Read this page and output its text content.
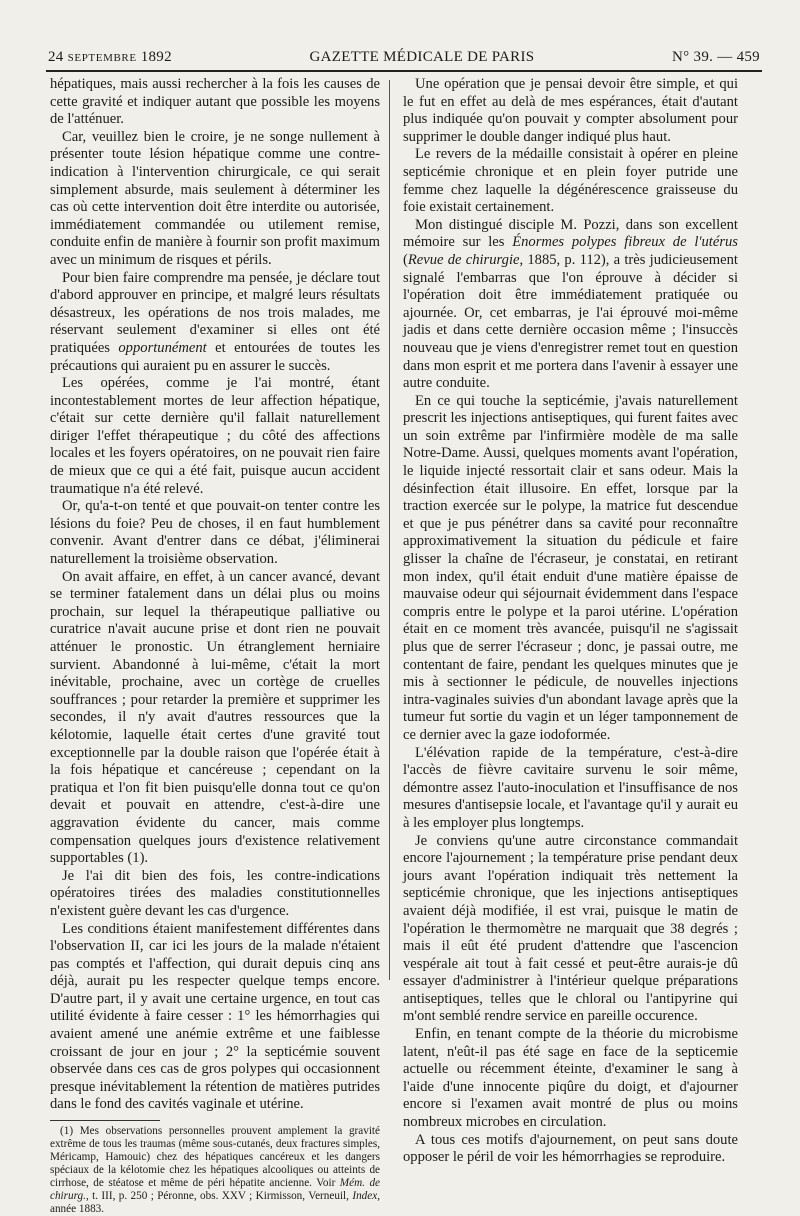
24 SEPTEMBRE 1892	GAZETTE MÉDICALE DE PARIS	N° 39. — 459

hépatiques, mais aussi rechercher à la fois les causes de cette gravité et indiquer autant que possible les moyens de l'atténuer.

Car, veuillez bien le croire, je ne songe nullement à présenter toute lésion hépatique comme une contre-indication à l'intervention chirurgicale, ce qui serait simplement absurde, mais seulement à déterminer les cas où cette intervention doit être interdite ou autorisée, immédiatement commandée ou utilement remise, conduite enfin de manière à fournir son profit maximum avec un minimum de risques et périls.

Pour bien faire comprendre ma pensée, je déclare tout d'abord approuver en principe, et malgré leurs résultats désastreux, les opérations de nos trois malades, me réservant seulement d'examiner si elles ont été pratiquées opportunément et entourées de toutes les précautions qui auraient pu en assurer le succès.

Les opérées, comme je l'ai montré, étant incontestablement mortes de leur affection hépatique, c'était sur cette dernière qu'il fallait naturellement diriger l'effet thérapeutique ; du côté des affections locales et les foyers opératoires, on ne pouvait rien faire de mieux que ce qui a été fait, puisque aucun accident traumatique n'a été relevé.

Or, qu'a-t-on tenté et que pouvait-on tenter contre les lésions du foie? Peu de choses, il en faut humblement convenir. Avant d'entrer dans ce débat, j'éliminerai naturellement la troisième observation.

On avait affaire, en effet, à un cancer avancé, devant se terminer fatalement dans un délai plus ou moins prochain, sur lequel la thérapeutique palliative ou curatrice n'avait aucune prise et dont rien ne pouvait atténuer le pronostic. Un étranglement herniaire survient. Abandonné à lui-même, c'était la mort inévitable, prochaine, avec un cortège de cruelles souffrances ; pour retarder la première et supprimer les secondes, il n'y avait d'autres ressources que la kélotomie, laquelle était certes d'une gravité tout exceptionnelle par la double raison que l'opérée était à la fois hépatique et cancéreuse ; cependant on la pratiqua et l'on fit bien puisqu'elle donna tout ce qu'on devait et pouvait en attendre, c'est-à-dire une aggravation évidente du cancer, mais comme compensation quelques jours d'existence relativement supportables (1).

Je l'ai dit bien des fois, les contre-indications opératoires tirées des maladies constitutionnelles n'existent guère devant les cas d'urgence.

Les conditions étaient manifestement différentes dans l'observation II, car ici les jours de la malade n'étaient pas comptés et l'affection, qui durait depuis cinq ans déjà, aurait pu les respecter quelque temps encore. D'autre part, il y avait une certaine urgence, en tout cas utilité évidente à faire cesser : 1° les hémorrhagies qui avaient amené une anémie extrême et une faiblesse croissant de jour en jour ; 2° la septicémie souvent observée dans ces cas de gros polypes qui occasionnent presque inévitablement la rétention de matières putrides dans le fond des cavités vaginale et utérine.

(1) Mes observations personnelles prouvent amplement la gravité extrême de tous les traumas (même sous-cutanés, deux fractures simples, Méricamp, Hamouic) chez des hépatiques cancéreux et les dangers spéciaux de la kélotomie chez les hépatiques alcooliques ou atteints de cirrhose, de stéatose et même de péri hépatite ancienne. Voir Mém. de chirurg., t. III, p. 250 ; Péronne, obs. XXV ; Kirmisson, Verneuil, Index, année 1883.

Une opération que je pensai devoir être simple, et qui le fut en effet au delà de mes espérances, était d'autant plus indiquée qu'on pouvait y compter absolument pour supprimer le double danger indiqué plus haut.

Le revers de la médaille consistait à opérer en pleine septicémie chronique et en plein foyer putride une femme chez laquelle la dégénérescence graisseuse du foie existait certainement.

Mon distingué disciple M. Pozzi, dans son excellent mémoire sur les Énormes polypes fibreux de l'utérus (Revue de chirurgie, 1885, p. 112), a très judicieusement signalé l'embarras que l'on éprouve à décider si l'opération doit être immédiatement pratiquée ou ajournée. Or, cet embarras, je l'ai éprouvé moi-même jadis et dans cette dernière occasion même ; l'insuccès nouveau que je viens d'enregistrer remet tout en question dans mon esprit et me portera dans l'avenir à essayer une autre conduite.

En ce qui touche la septicémie, j'avais naturellement prescrit les injections antiseptiques, qui furent faites avec un soin extrême par l'infirmière modèle de ma salle Notre-Dame. Aussi, quelques moments avant l'opération, le liquide injecté ressortait clair et sans odeur. Mais la désinfection était illusoire. En effet, lorsque par la traction exercée sur le polype, la matrice fut descendue et que je pus pénétrer dans sa cavité pour reconnaître approximativement la situation du pédicule et faire glisser la chaîne de l'écraseur, je constatai, en retirant mon index, qu'il était enduit d'une matière épaisse de mauvaise odeur qui séjournait évidemment dans l'espace compris entre le polype et la paroi utérine. L'opération était en ce moment très avancée, puisqu'il ne s'agissait plus que de serrer l'écraseur ; donc, je passai outre, me contentant de faire, pendant les quelques minutes que je mis à sectionner le pédicule, de nouvelles injections intra-vaginales suivies d'un abondant lavage après que la tumeur fut sortie du vagin et un léger tamponnement de ce dernier avec la gaze iodoformée.

L'élévation rapide de la température, c'est-à-dire l'accès de fièvre cavitaire survenu le soir même, démontre assez l'auto-inoculation et l'insuffisance de nos mesures d'antisepsie locale, et l'avantage qu'il y aurait eu à les employer plus longtemps.

Je conviens qu'une autre circonstance commandait encore l'ajournement ; la température prise pendant deux jours avant l'opération indiquait très nettement la septicémie chronique, que les injections antiseptiques avaient déjà modifiée, il est vrai, puisque le matin de l'opération le thermomètre ne marquait que 38 degrés ; mais il eût été prudent d'attendre que l'ascencion vespérale ait tout à fait cessé et peut-être aurais-je dû essayer d'administrer à l'intérieur quelque préparations antiseptiques, telles que le chloral ou l'antipyrine qui m'ont semblé rendre service en pareille occurence.

Enfin, en tenant compte de la théorie du microbisme latent, n'eût-il pas été sage en face de la septicemie actuelle ou récemment éteinte, d'examiner le sang à l'aide d'une innocente piqûre du doigt, et d'ajourner encore si l'examen avait montré de plus ou moins nombreux microbes en circulation.

A tous ces motifs d'ajournement, on peut sans doute opposer le péril de voir les hémorrhagies se reproduire.
